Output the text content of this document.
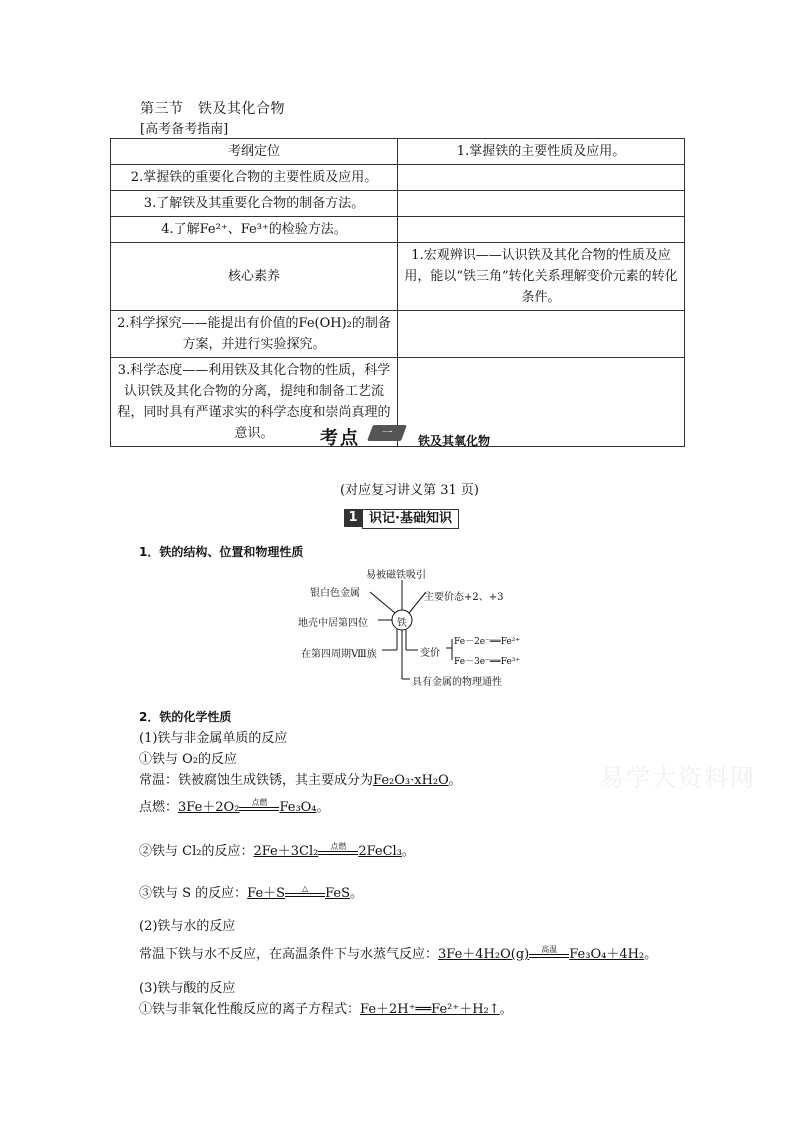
第三节　铁及其化合物
[高考备考指南]
考纲定位	1.掌握铁的主要性质及应用。
2.掌握铁的重要化合物的主要性质及应用。	
3.了解铁及其重要化合物的制备方法。	
4.了解Fe²⁺、Fe³⁺的检验方法。	
核心素养	1.宏观辨识——认识铁及其化合物的性质及应用，能以“铁三角”转化关系理解变价元素的转化条件。
2.科学探究——能提出有价值的Fe(OH)₂的制备方案，并进行实验探究。	
3.科学态度——利用铁及其化合物的性质，科学认识铁及其化合物的分离，提纯和制备工艺流程，同时具有严谨求实的科学态度和崇尚真理的意识。		考点	一
铁及其氧化物
(对应复习讲义第 31 页)
1 识记·基础知识
1．铁的结构、位置和物理性质
易被磁铁吸引
银白色金属	主要价态+2、+3
铁
地壳中居第四位
在第四周期Ⅷ族	变价
Fe－2e⁻══Fe²⁺
Fe－3e⁻══Fe³⁺
具有金属的物理通性
2．铁的化学性质
(1)铁与非金属单质的反应
①铁与 O₂的反应
常温：铁被腐蚀生成铁锈，其主要成分为Fe₂O₃·xH₂O。
点燃：3Fe＋2O₂	点燃 Fe₃O₄。
②铁与 Cl₂的反应：2Fe＋3Cl₂	点燃 2FeCl₃。
③铁与 S 的反应：Fe＋S	△	FeS。
(2)铁与水的反应
常温下铁与水不反应，在高温条件下与水蒸气反应：3Fe＋4H₂O(g)	高温 Fe₃O₄＋4H₂。
(3)铁与酸的反应
①铁与非氧化性酸反应的离子方程式：Fe＋2H⁺══Fe²⁺＋H₂↑。
易学大资料网
